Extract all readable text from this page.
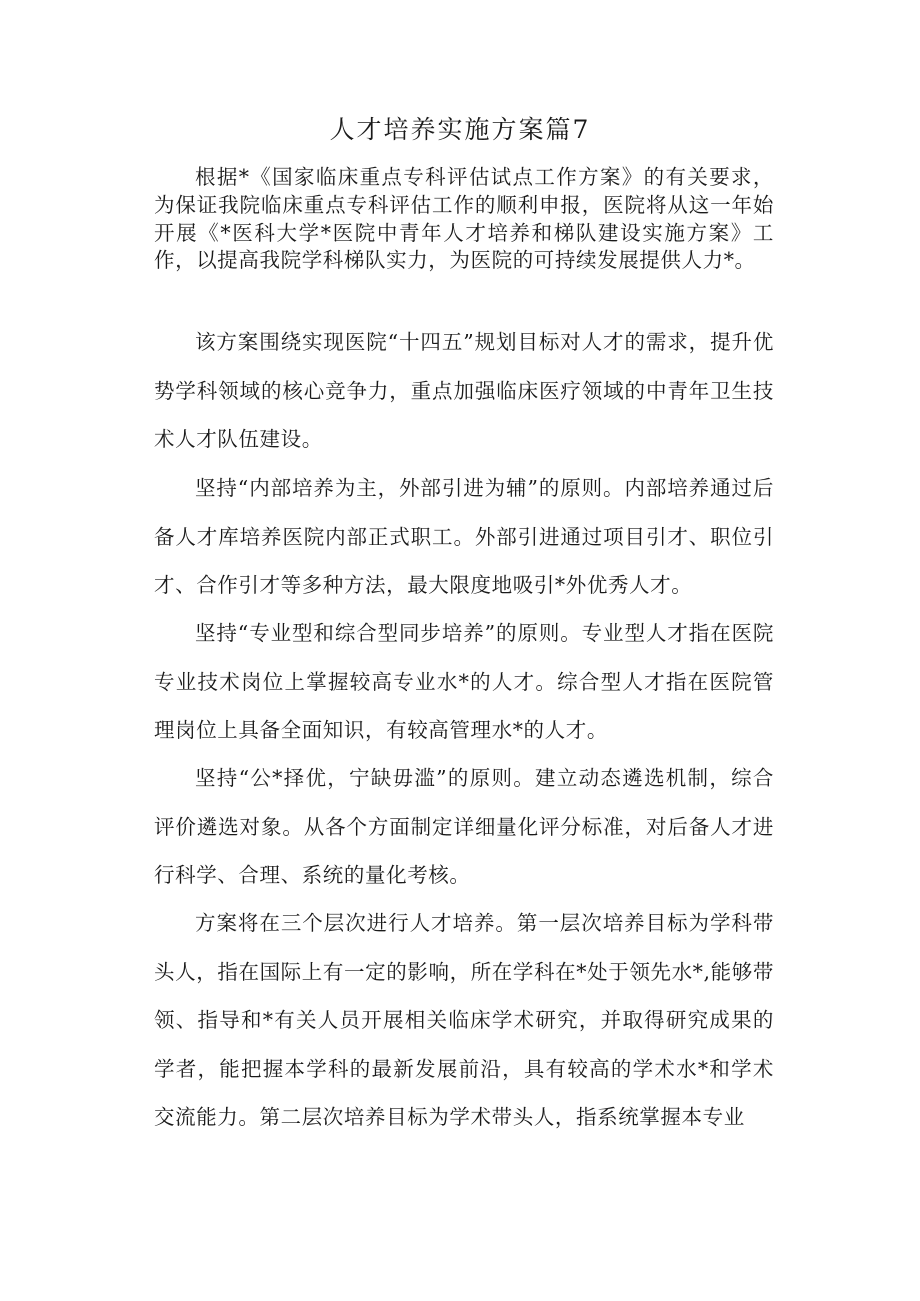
人才培养实施方案篇7

根据*《国家临床重点专科评估试点工作方案》的有关要求，为保证我院临床重点专科评估工作的顺利申报，医院将从这一年始开展《*医科大学*医院中青年人才培养和梯队建设实施方案》工作，以提高我院学科梯队实力，为医院的可持续发展提供人力*。

该方案围绕实现医院“十四五”规划目标对人才的需求，提升优势学科领域的核心竞争力，重点加强临床医疗领域的中青年卫生技术人才队伍建设。

坚持“内部培养为主，外部引进为辅”的原则。内部培养通过后备人才库培养医院内部正式职工。外部引进通过项目引才、职位引才、合作引才等多种方法，最大限度地吸引*外优秀人才。

坚持“专业型和综合型同步培养”的原则。专业型人才指在医院专业技术岗位上掌握较高专业水*的人才。综合型人才指在医院管理岗位上具备全面知识，有较高管理水*的人才。

坚持“公*择优，宁缺毋滥”的原则。建立动态遴选机制，综合评价遴选对象。从各个方面制定详细量化评分标准，对后备人才进行科学、合理、系统的量化考核。

方案将在三个层次进行人才培养。第一层次培养目标为学科带头人，指在国际上有一定的影响，所在学科在*处于领先水*,能够带领、指导和*有关人员开展相关临床学术研究，并取得研究成果的学者，能把握本学科的最新发展前沿，具有较高的学术水*和学术交流能力。第二层次培养目标为学术带头人，指系统掌握本专业
